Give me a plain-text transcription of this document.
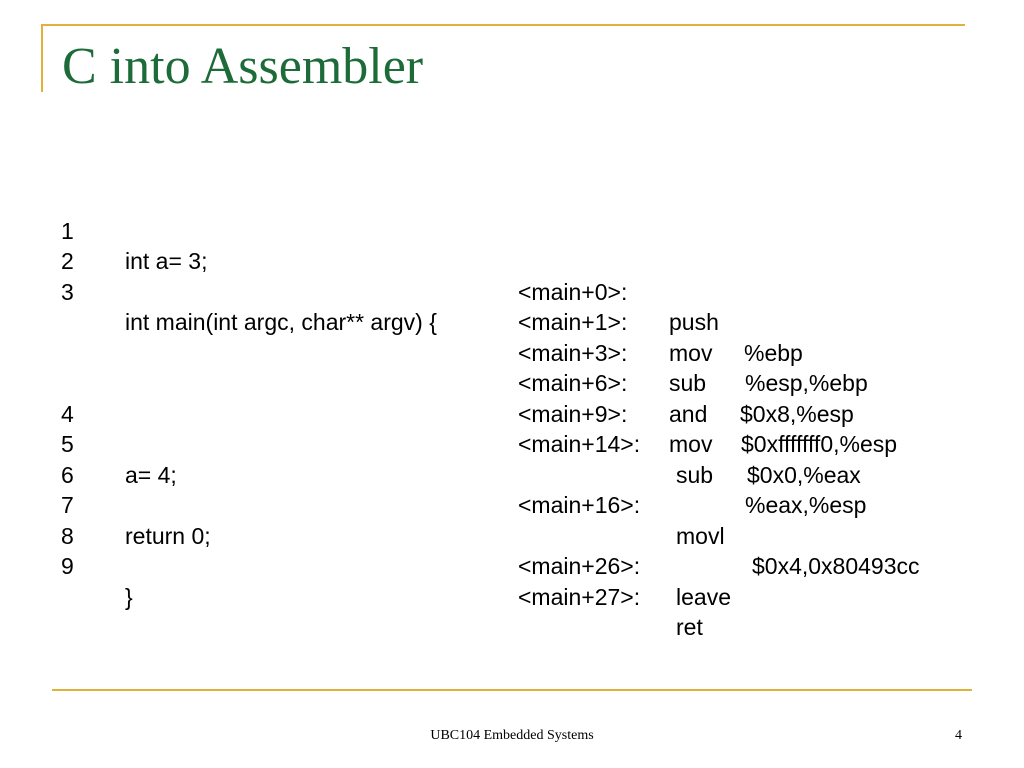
C into Assembler

1

int a= 3;

<main+0>:

push

%ebp

2

<main+1>:

mov

%esp,%ebp

3

int main(int argc, char** argv) {

<main+3>:

sub

$0x8,%esp

<main+6>:

and

$0xfffffff0,%esp

<main+9>:

mov

$0x0,%eax

<main+14>:

sub

%eax,%esp

4

5

a= 4;

<main+16>:

movl

$0x4,0x80493cc

6

7

return 0;

<main+26>:

leave

8

<main+27>:

ret

9

}

UBC104 Embedded Systems	4
